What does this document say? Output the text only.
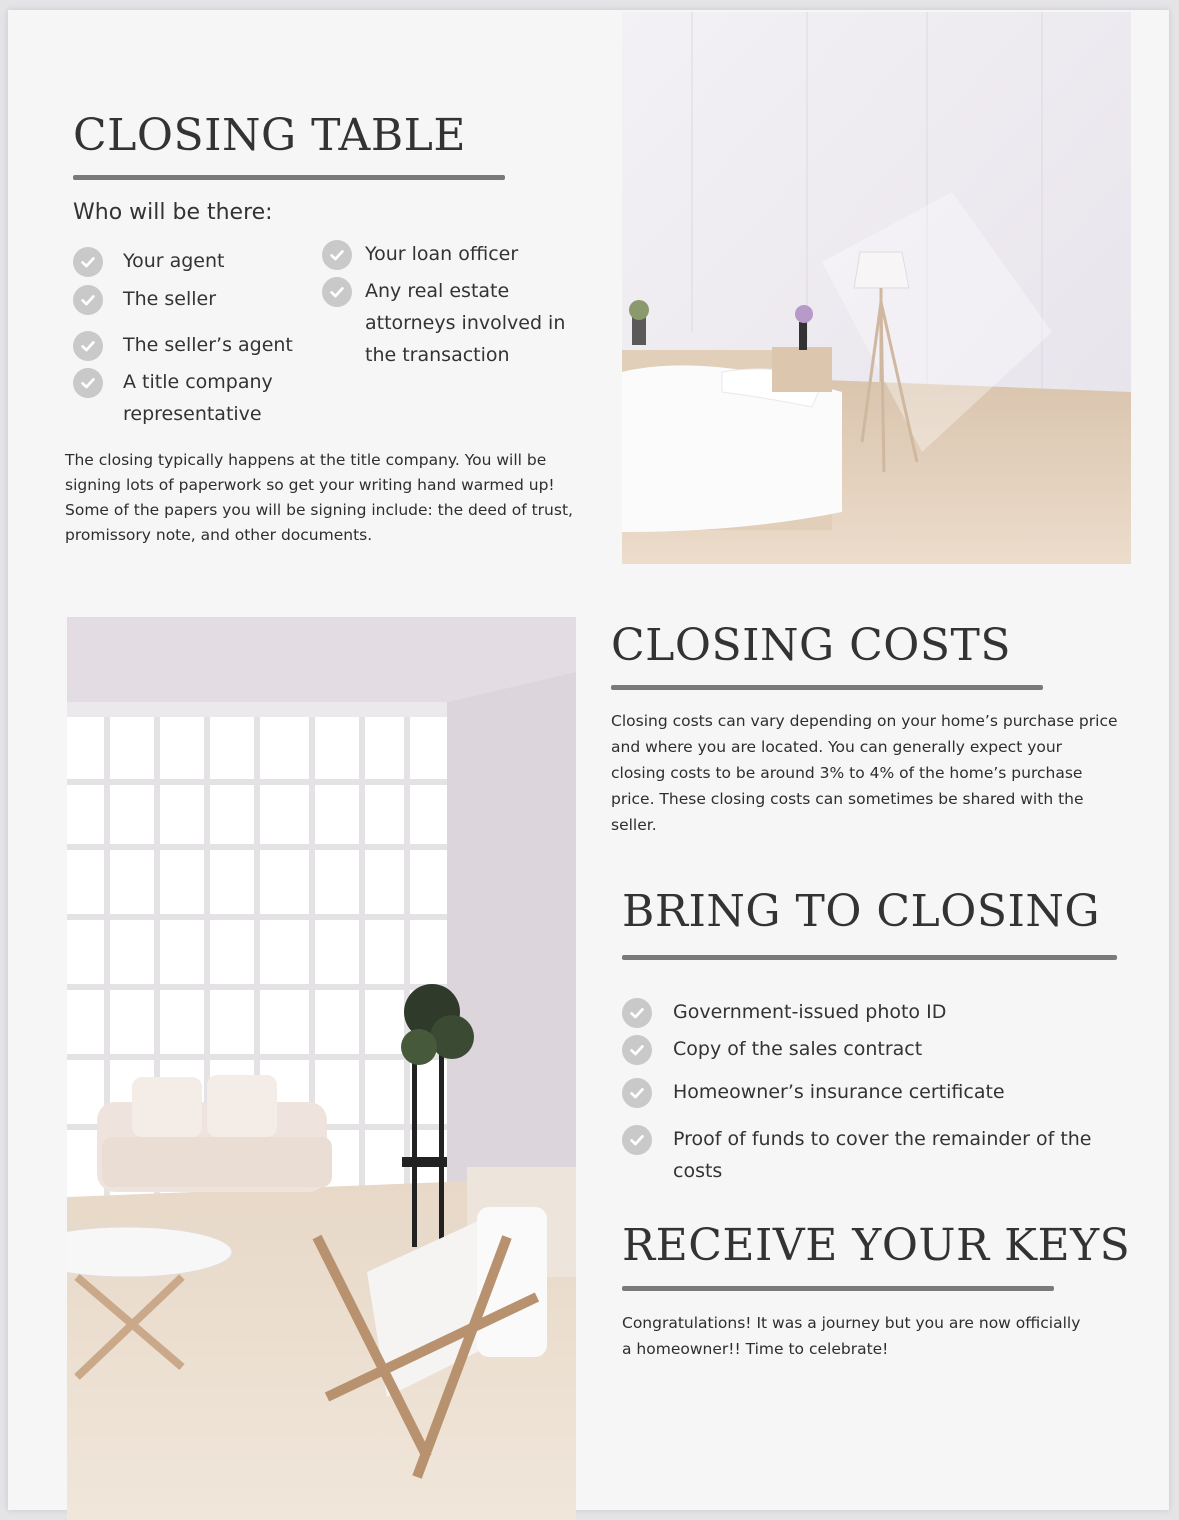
CLOSING TABLE
Who will be there:
Your agent
The seller
The seller’s agent
A title company representative
Your loan officer
Any real estate attorneys involved in the transaction

The closing typically happens at the title company. You will be signing lots of paperwork so get your writing hand warmed up! Some of the papers you will be signing include: the deed of trust, promissory note, and other documents.

CLOSING COSTS

Closing costs can vary depending on your home’s purchase price and where you are located. You can generally expect your closing costs to be around 3% to 4% of the home’s purchase price. These closing costs can sometimes be shared with the seller.

BRING TO CLOSING
Government-issued photo ID
Copy of the sales contract
Homeowner’s insurance certificate
Proof of funds to cover the remainder of the costs
RECEIVE YOUR KEYS

Congratulations! It was a journey but you are now officially a homeowner!! Time to celebrate!
